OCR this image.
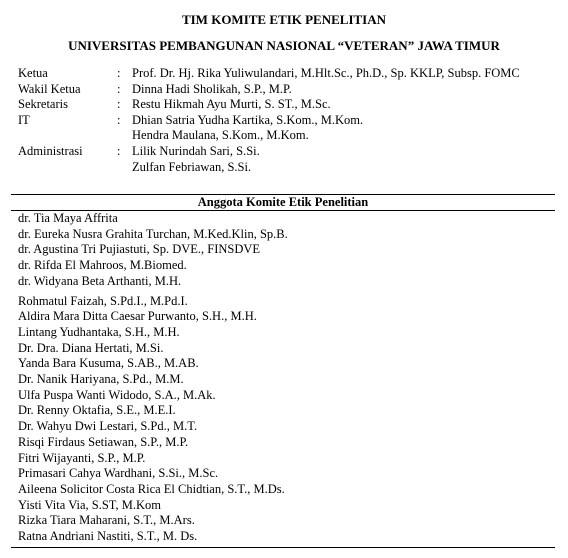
TIM KOMITE ETIK PENELITIAN
UNIVERSITAS PEMBANGUNAN NASIONAL “VETERAN” JAWA TIMUR
Ketua	: Prof. Dr. Hj. Rika Yuliwulandari, M.Hlt.Sc., Ph.D., Sp. KKLP, Subsp. FOMC
Wakil Ketua	: Dinna Hadi Sholikah, S.P., M.P.
Sekretaris	: Restu Hikmah Ayu Murti, S. ST., M.Sc.
IT	: Dhian Satria Yudha Kartika, S.Kom., M.Kom.
Hendra Maulana, S.Kom., M.Kom.
Administrasi	: Lilik Nurindah Sari, S.Si.
Zulfan Febriawan, S.Si.
Anggota Komite Etik Penelitian
dr. Tia Maya Affrita
dr. Eureka Nusra Grahita Turchan, M.Ked.Klin, Sp.B.
dr. Agustina Tri Pujiastuti, Sp. DVE., FINSDVE
dr. Rifda El Mahroos, M.Biomed.
dr. Widyana Beta Arthanti, M.H.
Rohmatul Faizah, S.Pd.I., M.Pd.I.
Aldira Mara Ditta Caesar Purwanto, S.H., M.H.
Lintang Yudhantaka, S.H., M.H.
Dr. Dra. Diana Hertati, M.Si.
Yanda Bara Kusuma, S.AB., M.AB.
Dr. Nanik Hariyana, S.Pd., M.M.
Ulfa Puspa Wanti Widodo, S.A., M.Ak.
Dr. Renny Oktafia, S.E., M.E.I.
Dr. Wahyu Dwi Lestari, S.Pd., M.T.
Risqi Firdaus Setiawan, S.P., M.P.
Fitri Wijayanti, S.P., M.P.
Primasari Cahya Wardhani, S.Si., M.Sc.
Aileena Solicitor Costa Rica El Chidtian, S.T., M.Ds.
Yisti Vita Via, S.ST, M.Kom
Rizka Tiara Maharani, S.T., M.Ars.
Ratna Andriani Nastiti, S.T., M. Ds.
